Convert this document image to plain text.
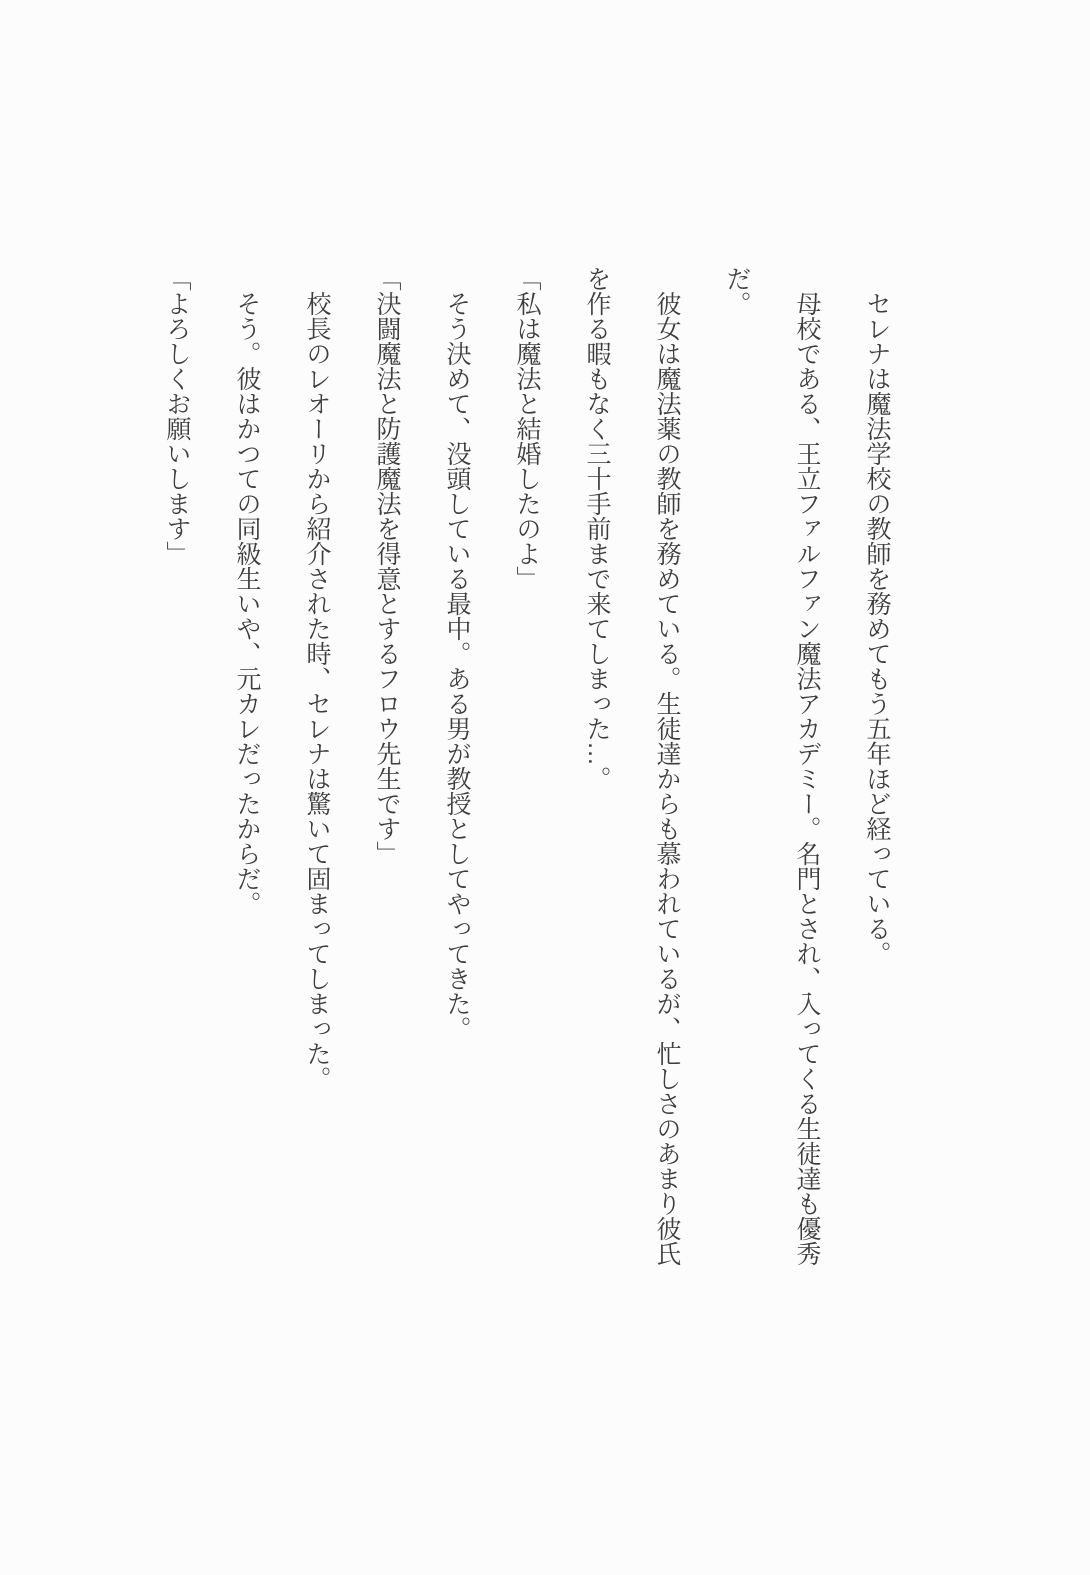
セレナは魔法学校の教師を務めてもう五年ほど経っている。

母校である、王立ファルファン魔法アカデミー。名門とされ、入ってくる生徒達も優秀だ。

彼女は魔法薬の教師を務めている。生徒達からも慕われているが、忙しさのあまり彼氏を作る暇もなく三十手前まで来てしまった…。

「私は魔法と結婚したのよ」

そう決めて、没頭している最中。ある男が教授としてやってきた。

「決闘魔法と防護魔法を得意とするフロウ先生です」

校長のレオーリから紹介された時、セレナは驚いて固まってしまった。

そう。彼はかつての同級生いや、元カレだったからだ。

「よろしくお願いします」
